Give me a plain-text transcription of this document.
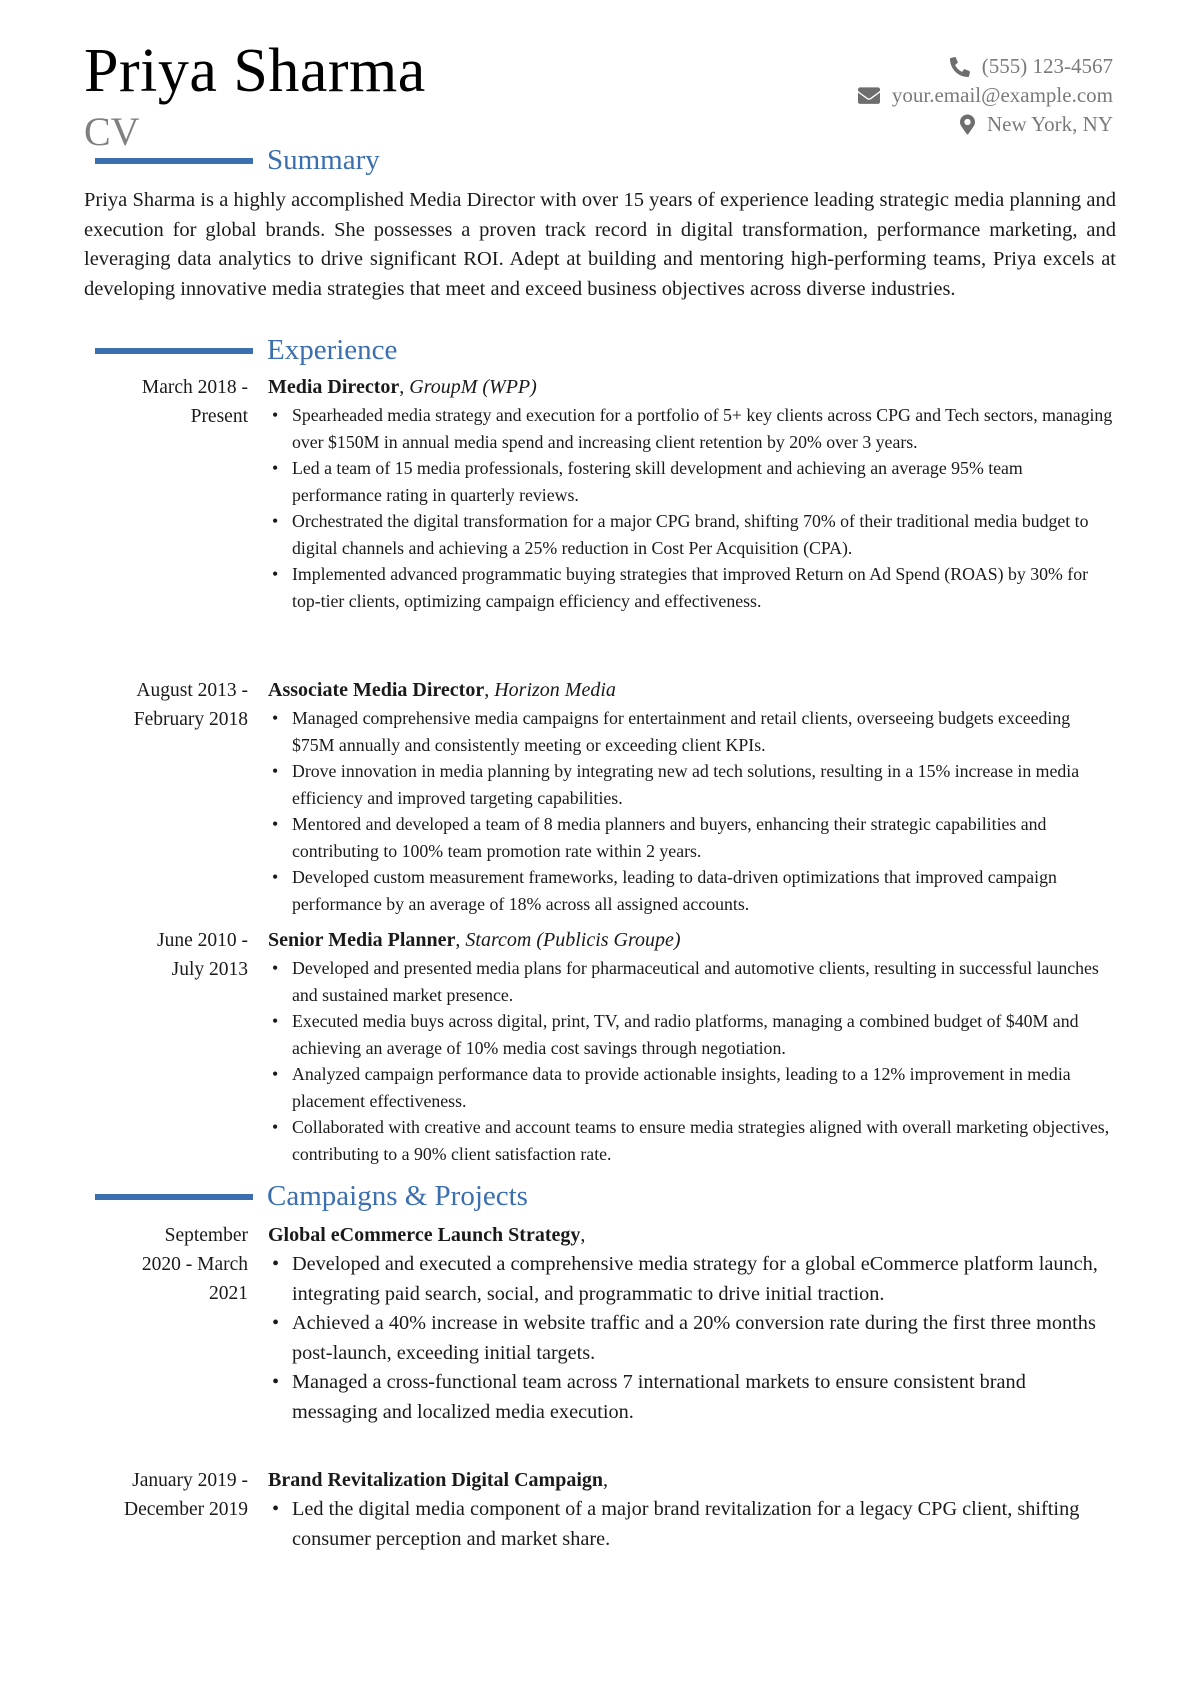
Priya Sharma
CV
(555) 123-4567
your.email@example.com
New York, NY
Summary
Priya Sharma is a highly accomplished Media Director with over 15 years of experience leading strategic media planning and execution for global brands. She possesses a proven track record in digital transformation, performance marketing, and leveraging data analytics to drive significant ROI. Adept at building and mentoring high-performing teams, Priya excels at developing innovative media strategies that meet and exceed business objectives across diverse industries.
Experience
March 2018 -
Present
Media Director, GroupM (WPP)
• Spearheaded media strategy and execution for a portfolio of 5+ key clients across CPG and Tech sectors, managing over $150M in annual media spend and increasing client retention by 20% over 3 years.
• Led a team of 15 media professionals, fostering skill development and achieving an average 95% team performance rating in quarterly reviews.
• Orchestrated the digital transformation for a major CPG brand, shifting 70% of their traditional media budget to digital channels and achieving a 25% reduction in Cost Per Acquisition (CPA).
• Implemented advanced programmatic buying strategies that improved Return on Ad Spend (ROAS) by 30% for top-tier clients, optimizing campaign efficiency and effectiveness.
August 2013 -
February 2018
Associate Media Director, Horizon Media
• Managed comprehensive media campaigns for entertainment and retail clients, overseeing budgets exceeding $75M annually and consistently meeting or exceeding client KPIs.
• Drove innovation in media planning by integrating new ad tech solutions, resulting in a 15% increase in media efficiency and improved targeting capabilities.
• Mentored and developed a team of 8 media planners and buyers, enhancing their strategic capabilities and contributing to 100% team promotion rate within 2 years.
• Developed custom measurement frameworks, leading to data-driven optimizations that improved campaign performance by an average of 18% across all assigned accounts.
June 2010 -
July 2013
Senior Media Planner, Starcom (Publicis Groupe)
• Developed and presented media plans for pharmaceutical and automotive clients, resulting in successful launches and sustained market presence.
• Executed media buys across digital, print, TV, and radio platforms, managing a combined budget of $40M and achieving an average of 10% media cost savings through negotiation.
• Analyzed campaign performance data to provide actionable insights, leading to a 12% improvement in media placement effectiveness.
• Collaborated with creative and account teams to ensure media strategies aligned with overall marketing objectives, contributing to a 90% client satisfaction rate.
Campaigns & Projects
September
2020 - March
2021
Global eCommerce Launch Strategy,
• Developed and executed a comprehensive media strategy for a global eCommerce platform launch, integrating paid search, social, and programmatic to drive initial traction.
• Achieved a 40% increase in website traffic and a 20% conversion rate during the first three months post-launch, exceeding initial targets.
• Managed a cross-functional team across 7 international markets to ensure consistent brand messaging and localized media execution.
January 2019 -
December 2019
Brand Revitalization Digital Campaign,
• Led the digital media component of a major brand revitalization for a legacy CPG client, shifting consumer perception and market share.
